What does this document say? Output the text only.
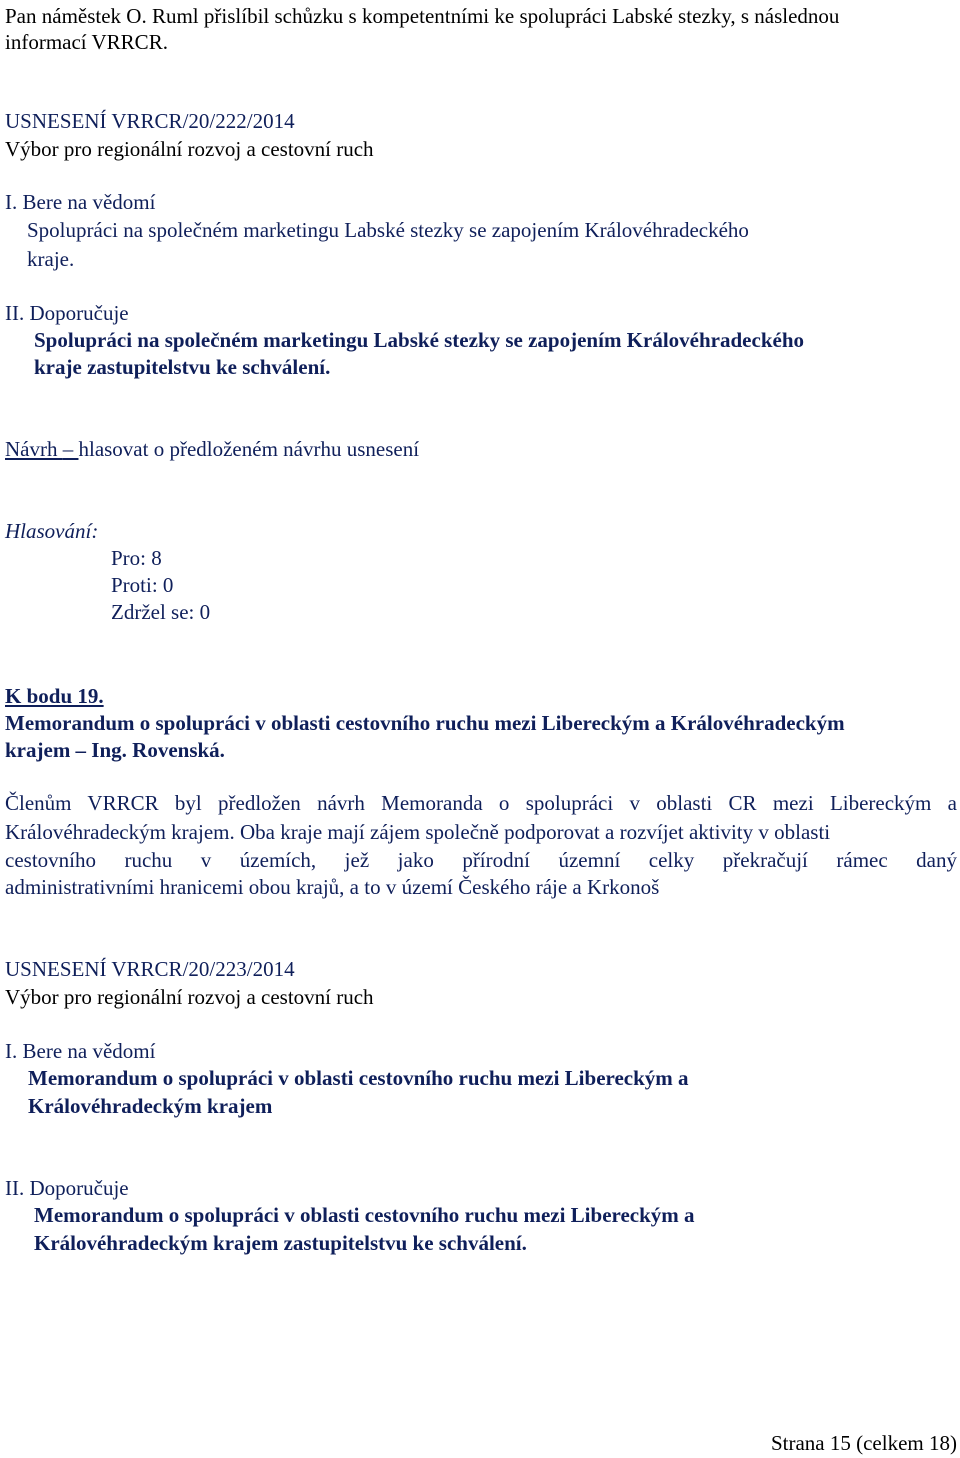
Pan náměstek O. Ruml přislíbil schůzku s kompetentními ke spolupráci Labské stezky, s následnou
informací VRRCR.
USNESENÍ VRRCR/20/222/2014
Výbor pro regionální rozvoj a cestovní ruch
I. Bere na vědomí
Spolupráci na společném marketingu Labské stezky se zapojením Královéhradeckého
kraje.
II. Doporučuje
Spolupráci na společném marketingu Labské stezky se zapojením Královéhradeckého
kraje zastupitelstvu ke schválení.
Návrh – hlasovat o předloženém návrhu usnesení
Hlasování:
Pro: 8
Proti: 0
Zdržel se: 0
K bodu 19.
Memorandum o spolupráci v oblasti cestovního ruchu mezi Libereckým a Královéhradeckým
krajem – Ing. Rovenská.
Členům VRRCR byl předložen návrh Memoranda o spolupráci v oblasti CR mezi Libereckým a
Královéhradeckým krajem. Oba kraje mají zájem společně podporovat a rozvíjet aktivity v oblasti
cestovního ruchu v územích, jež jako přírodní územní celky překračují rámec daný
administrativními hranicemi obou krajů, a to v území Českého ráje a Krkonoš
USNESENÍ VRRCR/20/223/2014
Výbor pro regionální rozvoj a cestovní ruch
I. Bere na vědomí
Memorandum o spolupráci v oblasti cestovního ruchu mezi Libereckým a
Královéhradeckým krajem
II. Doporučuje
Memorandum o spolupráci v oblasti cestovního ruchu mezi Libereckým a
Královéhradeckým krajem zastupitelstvu ke schválení.
Strana 15 (celkem 18)
